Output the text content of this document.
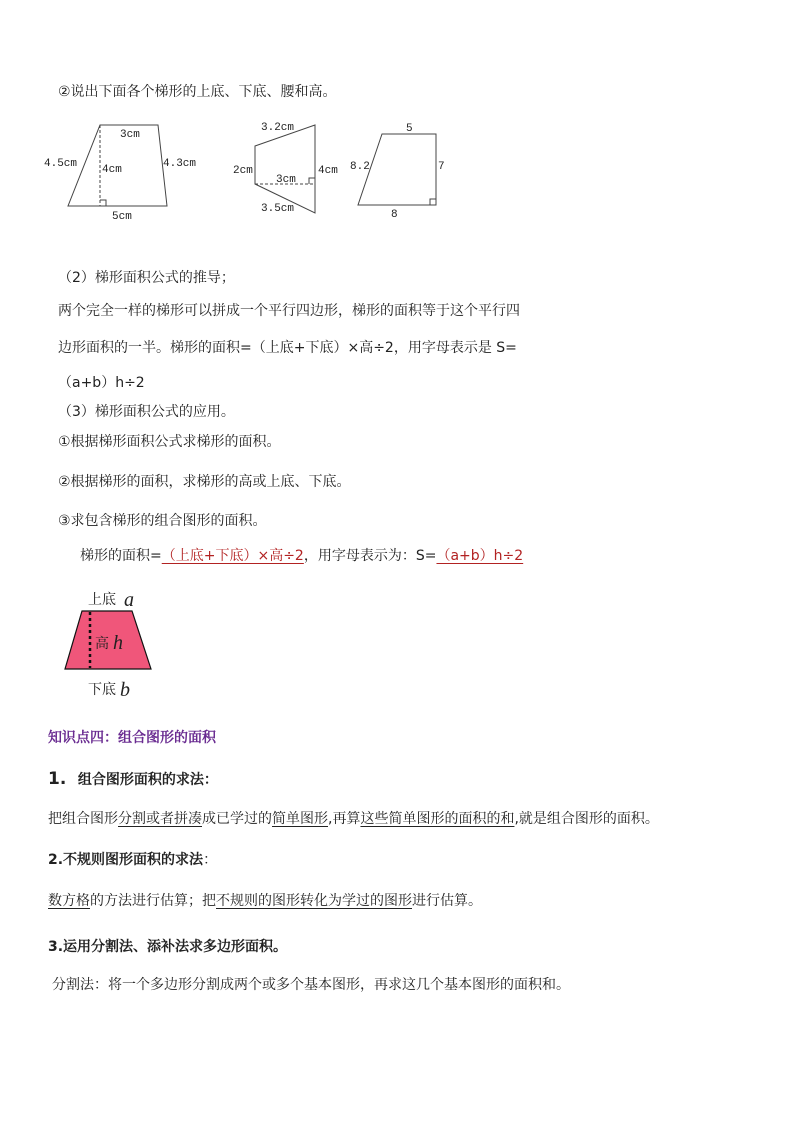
②说出下面各个梯形的上底、下底、腰和高。
3cm
4.5cm	4.3cm
4cm
5cm
3.2cm
2cm	4cm
3cm
3.5cm
5
8.2	7
8
（2）梯形面积公式的推导；
两个完全一样的梯形可以拼成一个平行四边形，梯形的面积等于这个平行四
边形面积的一半。梯形的面积=（上底+下底）×高÷2，用字母表示是 S=
（a+b）h÷2
（3）梯形面积公式的应用。
①根据梯形面积公式求梯形的面积。
②根据梯形的面积，求梯形的高或上底、下底。
③求包含梯形的组合图形的面积。
梯形的面积=（上底+下底）×高÷2，用字母表示为：S=（a+b）h÷2
上底 a
高 h
下底 b
知识点四：组合图形的面积
1. 组合图形面积的求法：
把组合图形分割或者拼凑成已学过的简单图形,再算这些简单图形的面积的和,就是组合图形的面积。
2.不规则图形面积的求法：
数方格的方法进行估算；把不规则的图形转化为学过的图形进行估算。
3.运用分割法、添补法求多边形面积。
分割法：将一个多边形分割成两个或多个基本图形，再求这几个基本图形的面积和。
